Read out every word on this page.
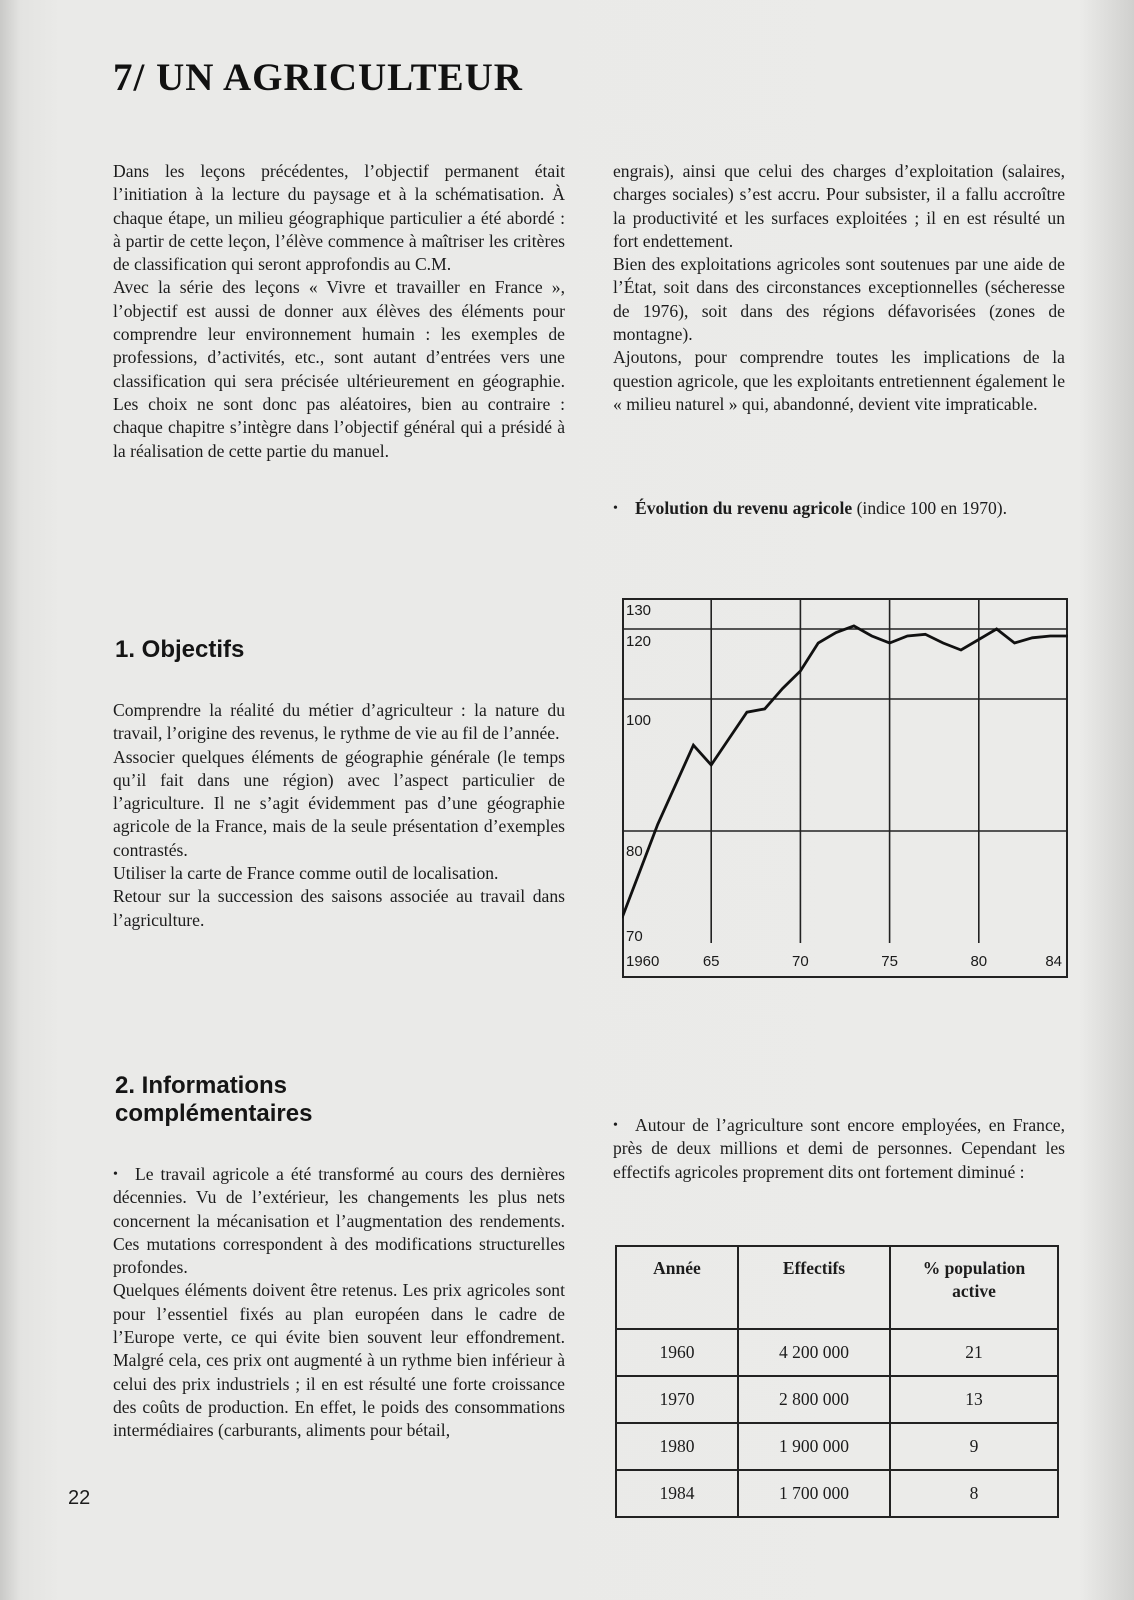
7/ UN AGRICULTEUR

Dans les leçons précédentes, l’objectif permanent était l’initiation à la lecture du paysage et à la schématisation. À chaque étape, un milieu géographique particulier a été abordé : à partir de cette leçon, l’élève commence à maîtriser les critères de classification qui seront approfondis au C.M.

Avec la série des leçons « Vivre et travailler en France », l’objectif est aussi de donner aux élèves des éléments pour comprendre leur environnement humain : les exemples de professions, d’activités, etc., sont autant d’entrées vers une classification qui sera précisée ultérieurement en géographie. Les choix ne sont donc pas aléatoires, bien au contraire : chaque chapitre s’intègre dans l’objectif général qui a présidé à la réalisation de cette partie du manuel.

1. Objectifs

Comprendre la réalité du métier d’agriculteur : la nature du travail, l’origine des revenus, le rythme de vie au fil de l’année.

Associer quelques éléments de géographie générale (le temps qu’il fait dans une région) avec l’aspect particulier de l’agriculture. Il ne s’agit évidemment pas d’une géographie agricole de la France, mais de la seule présentation d’exemples contrastés.

Utiliser la carte de France comme outil de localisation.

Retour sur la succession des saisons associée au travail dans l’agriculture.

2. Informations
complémentaires

• Le travail agricole a été transformé au cours des dernières décennies. Vu de l’extérieur, les changements les plus nets concernent la mécanisation et l’augmentation des rendements. Ces mutations correspondent à des modifications structurelles profondes.

Quelques éléments doivent être retenus. Les prix agricoles sont pour l’essentiel fixés au plan européen dans le cadre de l’Europe verte, ce qui évite bien souvent leur effondrement. Malgré cela, ces prix ont augmenté à un rythme bien inférieur à celui des prix industriels ; il en est résulté une forte croissance des coûts de production. En effet, le poids des consommations intermédiaires (carburants, aliments pour bétail,

22

engrais), ainsi que celui des charges d’exploitation (salaires, charges sociales) s’est accru. Pour subsister, il a fallu accroître la productivité et les surfaces exploitées ; il en est résulté un fort endettement.

Bien des exploitations agricoles sont soutenues par une aide de l’État, soit dans des circonstances exceptionnelles (sécheresse de 1976), soit dans des régions défavorisées (zones de montagne).

Ajoutons, pour comprendre toutes les implications de la question agricole, que les exploitants entretiennent également le « milieu naturel » qui, abandonné, devient vite impraticable.

• Évolution du revenu agricole (indice 100 en 1970).

70
80
100
120
130
1960	65	70	75	80	84

• Autour de l’agriculture sont encore employées, en France, près de deux millions et demi de personnes. Cependant les effectifs agricoles proprement dits ont fortement diminué :

Année	Effectifs	% population
active
1960	4 200 000	21
1970	2 800 000	13
1980	1 900 000	9
1984	1 700 000	8
